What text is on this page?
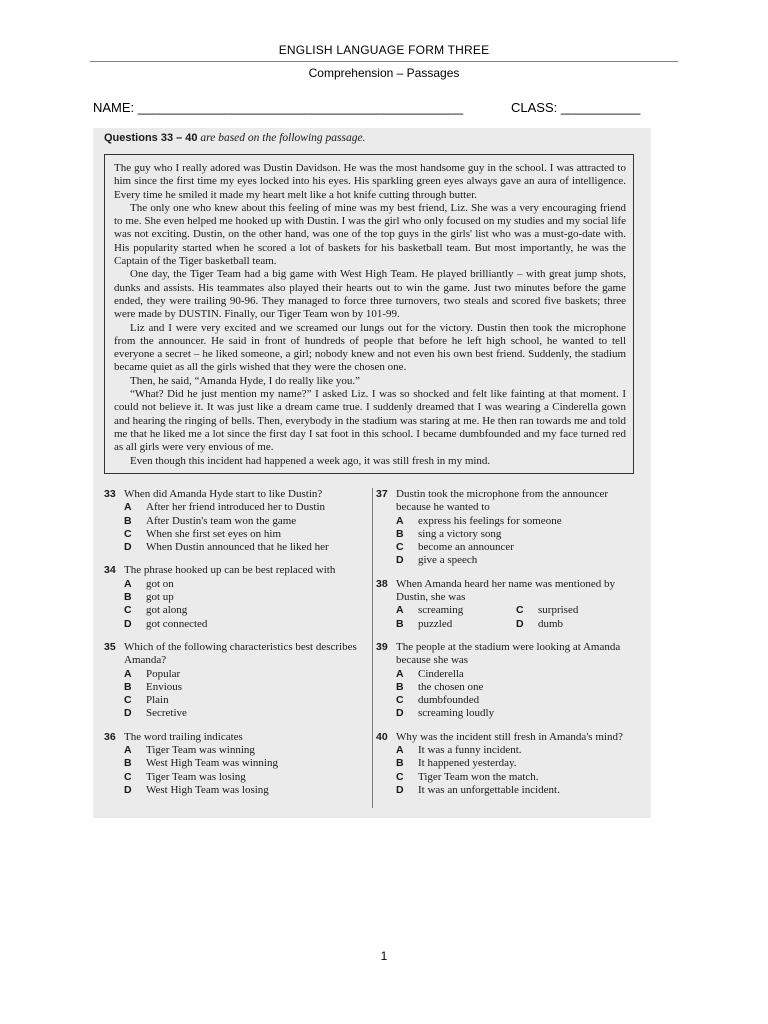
ENGLISH LANGUAGE FORM THREE
Comprehension – Passages
NAME: _____________________________________________	CLASS: ___________
Questions 33 – 40 are based on the following passage.

The guy who I really adored was Dustin Davidson. He was the most handsome guy in the school. I was attracted to him since the first time my eyes locked into his eyes. His sparkling green eyes always gave an aura of intelligence. Every time he smiled it made my heart melt like a hot knife cutting through butter.

The only one who knew about this feeling of mine was my best friend, Liz. She was a very encouraging friend to me. She even helped me hooked up with Dustin. I was the girl who only focused on my studies and my social life was not exciting. Dustin, on the other hand, was one of the top guys in the girls' list who was a must-go-date with. His popularity started when he scored a lot of baskets for his basketball team. But most importantly, he was the Captain of the Tiger basketball team.

One day, the Tiger Team had a big game with West High Team. He played brilliantly – with great jump shots, dunks and assists. His teammates also played their hearts out to win the game. Just two minutes before the game ended, they were trailing 90-96. They managed to force three turnovers, two steals and scored five baskets; three were made by DUSTIN. Finally, our Tiger Team won by 101-99.

Liz and I were very excited and we screamed our lungs out for the victory. Dustin then took the microphone from the announcer. He said in front of hundreds of people that before he left high school, he wanted to tell everyone a secret – he liked someone, a girl; nobody knew and not even his own best friend. Suddenly, the stadium became quiet as all the girls wished that they were the chosen one.

Then, he said, “Amanda Hyde, I do really like you.”

“What? Did he just mention my name?” I asked Liz. I was so shocked and felt like fainting at that moment. I could not believe it. It was just like a dream came true. I suddenly dreamed that I was wearing a Cinderella gown and hearing the ringing of bells. Then, everybody in the stadium was staring at me. He then ran towards me and told me that he liked me a lot since the first day I sat foot in this school. I became dumbfounded and my face turned red as all girls were very envious of me.

Even though this incident had happened a week ago, it was still fresh in my mind.

33 When did Amanda Hyde start to like Dustin?
A After her friend introduced her to Dustin
B After Dustin's team won the game
C When she first set eyes on him
D When Dustin announced that he liked her
34 The phrase hooked up can be best replaced with
A got on
B got up
C got along
D got connected
35 Which of the following characteristics best describes Amanda?
A Popular
B Envious
C Plain
D Secretive
36 The word trailing indicates
A Tiger Team was winning
B West High Team was winning
C Tiger Team was losing
D West High Team was losing
37 Dustin took the microphone from the announcer because he wanted to
A express his feelings for someone
B sing a victory song
C become an announcer
D give a speech
38 When Amanda heard her name was mentioned by Dustin, she was
A screaming	C surprised
B puzzled	D dumb
39 The people at the stadium were looking at Amanda because she was
A Cinderella
B the chosen one
C dumbfounded
D screaming loudly
40 Why was the incident still fresh in Amanda's mind?
A It was a funny incident.
B It happened yesterday.
C Tiger Team won the match.
D It was an unforgettable incident.
1
